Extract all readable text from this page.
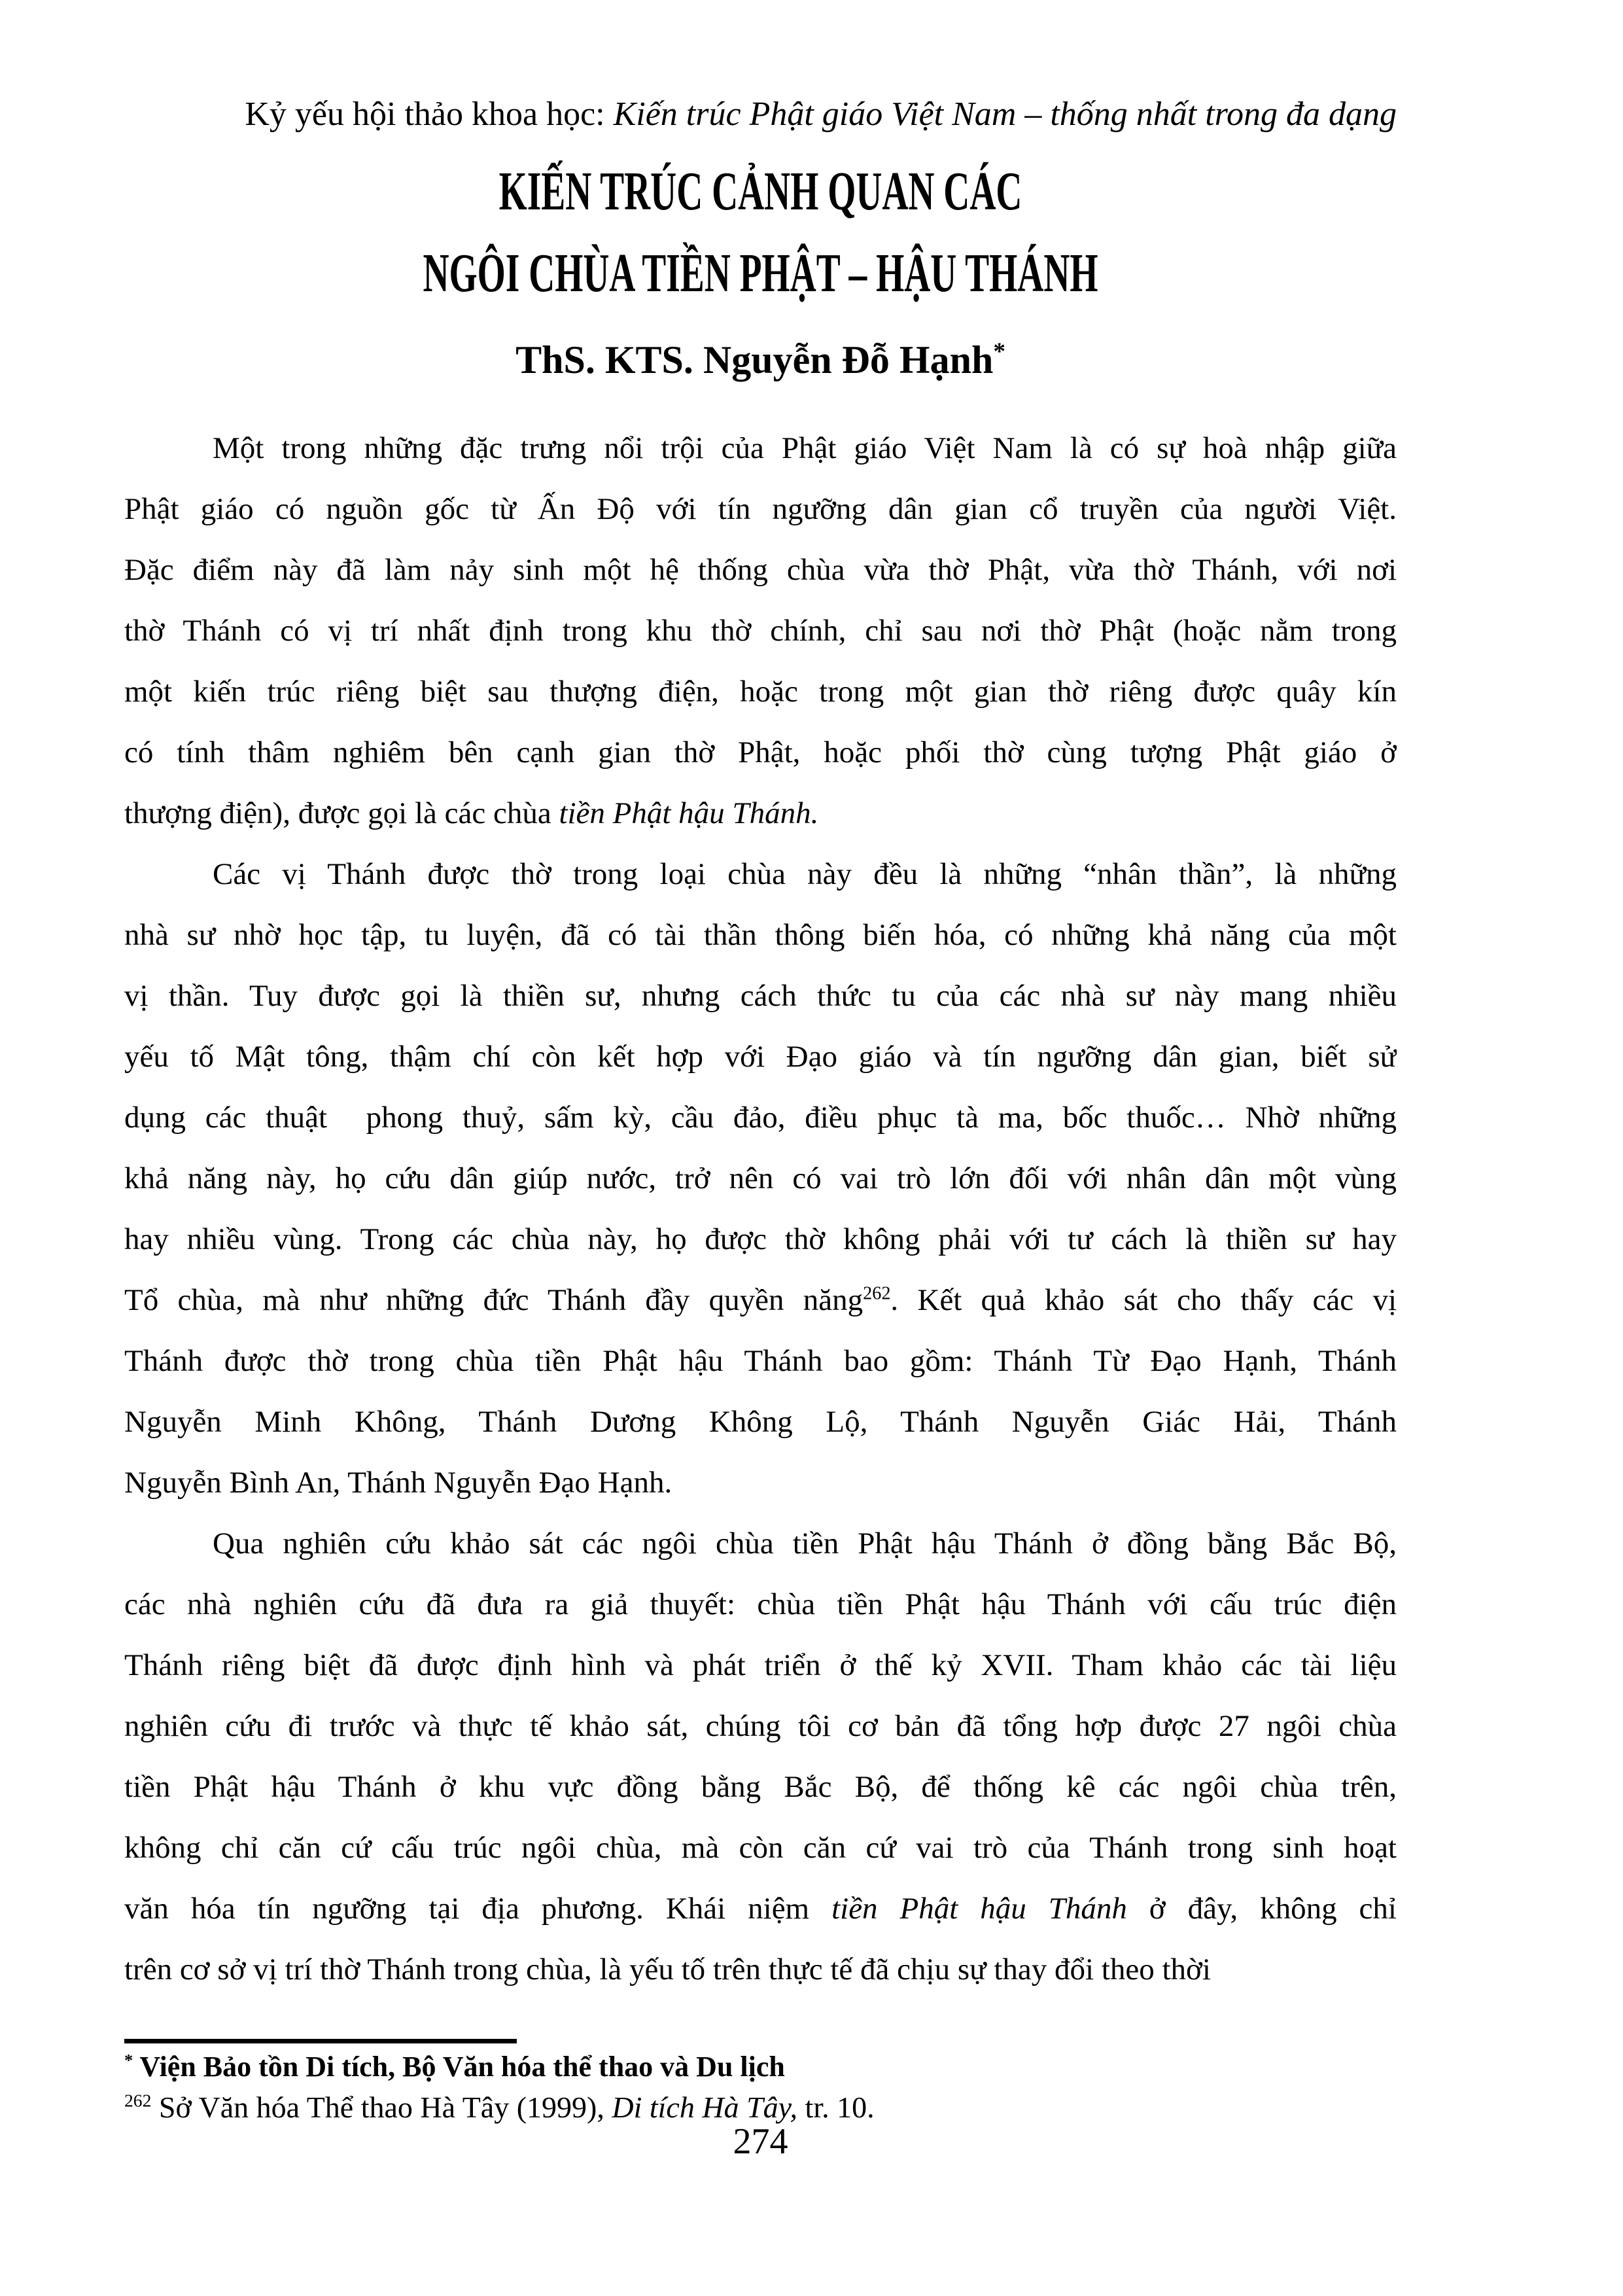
Kỷ yếu hội thảo khoa học: Kiến trúc Phật giáo Việt Nam – thống nhất trong đa dạng
KIẾN TRÚC CẢNH QUAN CÁC
NGÔI CHÙA TIỀN PHẬT – HẬU THÁNH
ThS. KTS. Nguyễn Đỗ Hạnh*
Một trong những đặc trưng nổi trội của Phật giáo Việt Nam là có sự hoà nhập giữa
Phật giáo có nguồn gốc từ Ấn Độ với tín ngưỡng dân gian cổ truyền của người Việt.
Đặc điểm này đã làm nảy sinh một hệ thống chùa vừa thờ Phật, vừa thờ Thánh, với nơi
thờ Thánh có vị trí nhất định trong khu thờ chính, chỉ sau nơi thờ Phật (hoặc nằm trong
một kiến trúc riêng biệt sau thượng điện, hoặc trong một gian thờ riêng được quây kín
có tính thâm nghiêm bên cạnh gian thờ Phật, hoặc phối thờ cùng tượng Phật giáo ở
thượng điện), được gọi là các chùa tiền Phật hậu Thánh.
Các vị Thánh được thờ trong loại chùa này đều là những “nhân thần”, là những
nhà sư nhờ học tập, tu luyện, đã có tài thần thông biến hóa, có những khả năng của một
vị thần. Tuy được gọi là thiền sư, nhưng cách thức tu của các nhà sư này mang nhiều
yếu tố Mật tông, thậm chí còn kết hợp với Đạo giáo và tín ngưỡng dân gian, biết sử
dụng các thuật  phong thuỷ, sấm kỳ, cầu đảo, điều phục tà ma, bốc thuốc… Nhờ những
khả năng này, họ cứu dân giúp nước, trở nên có vai trò lớn đối với nhân dân một vùng
hay nhiều vùng. Trong các chùa này, họ được thờ không phải với tư cách là thiền sư hay
Tổ chùa, mà như những đức Thánh đầy quyền năng$^{262}$. Kết quả khảo sát cho thấy các vị
Thánh được thờ trong chùa tiền Phật hậu Thánh bao gồm: Thánh Từ Đạo Hạnh, Thánh
Nguyễn Minh Không, Thánh Dương Không Lộ, Thánh Nguyễn Giác Hải, Thánh
Nguyễn Bình An, Thánh Nguyễn Đạo Hạnh.
Qua nghiên cứu khảo sát các ngôi chùa tiền Phật hậu Thánh ở đồng bằng Bắc Bộ,
các nhà nghiên cứu đã đưa ra giả thuyết: chùa tiền Phật hậu Thánh với cấu trúc điện
Thánh riêng biệt đã được định hình và phát triển ở thế kỷ XVII. Tham khảo các tài liệu
nghiên cứu đi trước và thực tế khảo sát, chúng tôi cơ bản đã tổng hợp được 27 ngôi chùa
tiền Phật hậu Thánh ở khu vực đồng bằng Bắc Bộ, để thống kê các ngôi chùa trên,
không chỉ căn cứ cấu trúc ngôi chùa, mà còn căn cứ vai trò của Thánh trong sinh hoạt
văn hóa tín ngưỡng tại địa phương. Khái niệm tiền Phật hậu Thánh ở đây, không chỉ
trên cơ sở vị trí thờ Thánh trong chùa, là yếu tố trên thực tế đã chịu sự thay đổi theo thời
* Viện Bảo tồn Di tích, Bộ Văn hóa thể thao và Du lịch
$^{262}$ Sở Văn hóa Thể thao Hà Tây (1999), Di tích Hà Tây, tr. 10.
274
